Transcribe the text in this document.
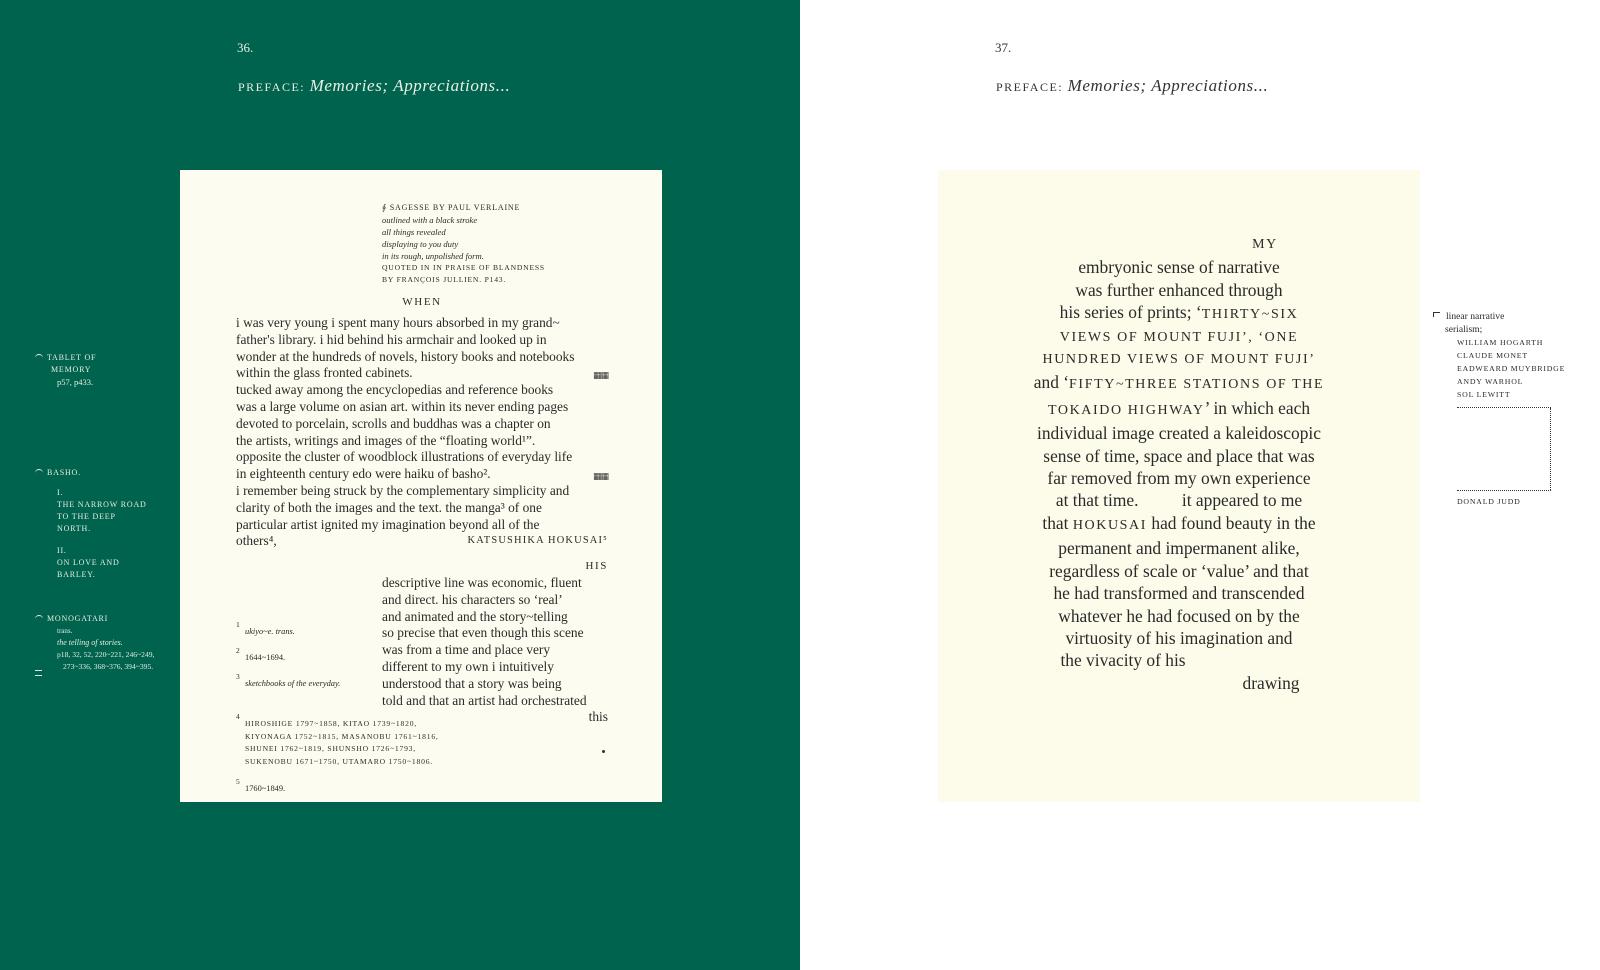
36.
PREFACE: Memories; Appreciations...
TABLET OF
MEMORY
p57, p433.
BASHO.
I.
THE NARROW ROAD
TO THE DEEP
NORTH.
II.
ON LOVE AND
BARLEY.
MONOGATARI
trans.
the telling of stories.
p18, 32, 52, 220~221, 246~249,
273~336, 368~376, 394~395.
∮ SAGESSE BY PAUL VERLAINE
outlined with a black stroke
all things revealed
displaying to you duty
in its rough, unpolished form.
QUOTED IN IN PRAISE OF BLANDNESS
BY FRANÇOIS JULLIEN. P143.
WHEN
i was very young i spent many hours absorbed in my grand~
father's library. i hid behind his armchair and looked up in
wonder at the hundreds of novels, history books and notebooks
within the glass fronted cabinets.	▦▦
tucked away among the encyclopedias and reference books
was a large volume on asian art. within its never ending pages
devoted to porcelain, scrolls and buddhas was a chapter on
the artists, writings and images of the “floating world¹”.
opposite the cluster of woodblock illustrations of everyday life
in eighteenth century edo were haiku of basho².	▦▦
i remember being struck by the complementary simplicity and
clarity of both the images and the text. the manga³ of one
particular artist ignited my imagination beyond all of the
others⁴,	KATSUSHIKA HOKUSAI⁵
HIS
descriptive line was economic, fluent
and direct. his characters so ‘real’
and animated and the story~telling
so precise that even though this scene
was from a time and place very
different to my own i intuitively
understood that a story was being
told and that an artist had orchestrated
this
1
ukiyo~e. trans.
2
1644~1694.
3
sketchbooks of the everyday.
4
HIROSHIGE 1797~1858, KITAO 1739~1820,
KIYONAGA 1752~1815, MASANOBU 1761~1816,
SHUNEI 1762~1819, SHUNSHO 1726~1793,
SUKENOBU 1671~1750, UTAMARO 1750~1806.
5
1760~1849.
37.
PREFACE: Memories; Appreciations...
MY
embryonic sense of narrative
was further enhanced through
his series of prints; ‘THIRTY~SIX
VIEWS OF MOUNT FUJI’, ‘ONE
HUNDRED VIEWS OF MOUNT FUJI’
and ‘FIFTY~THREE STATIONS OF THE
TOKAIDO HIGHWAY’ in which each
individual image created a kaleidoscopic
sense of time, space and place that was
far removed from my own experience
at that time.          it appeared to me
that HOKUSAI had found beauty in the
permanent and impermanent alike,
regardless of scale or ‘value’ and that
he had transformed and transcended
whatever he had focused on by the
virtuosity of his imagination and
the vivacity of his
drawing
linear narrative
serialism;
WILLIAM HOGARTH
CLAUDE MONET
EADWEARD MUYBRIDGE
ANDY WARHOL
SOL LEWITT
DONALD JUDD
